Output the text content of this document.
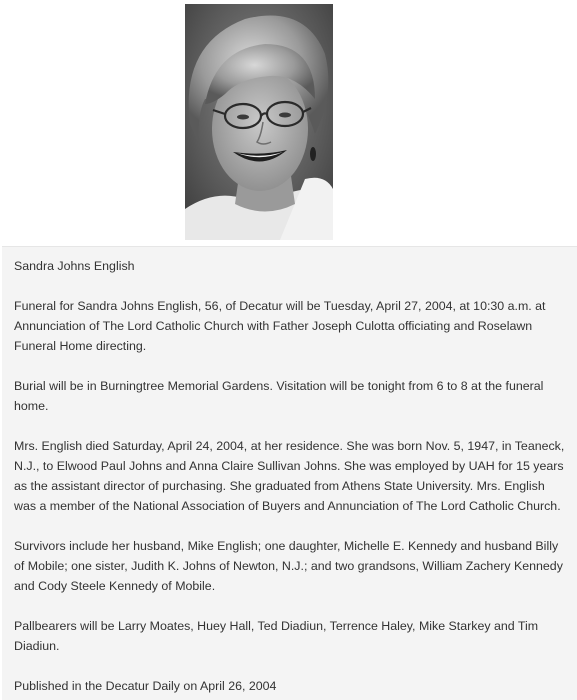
Sandra Johns English

Funeral for Sandra Johns English, 56, of Decatur will be Tuesday, April 27, 2004, at 10:30 a.m. at Annunciation of The Lord Catholic Church with Father Joseph Culotta officiating and Roselawn Funeral Home directing.

Burial will be in Burningtree Memorial Gardens. Visitation will be tonight from 6 to 8 at the funeral home.

Mrs. English died Saturday, April 24, 2004, at her residence. She was born Nov. 5, 1947, in Teaneck, N.J., to Elwood Paul Johns and Anna Claire Sullivan Johns. She was employed by UAH for 15 years as the assistant director of purchasing. She graduated from Athens State University. Mrs. English was a member of the National Association of Buyers and Annunciation of The Lord Catholic Church.

Survivors include her husband, Mike English; one daughter, Michelle E. Kennedy and husband Billy of Mobile; one sister, Judith K. Johns of Newton, N.J.; and two grandsons, William Zachery Kennedy and Cody Steele Kennedy of Mobile.

Pallbearers will be Larry Moates, Huey Hall, Ted Diadiun, Terrence Haley, Mike Starkey and Tim Diadiun.

Published in the Decatur Daily on April 26, 2004
